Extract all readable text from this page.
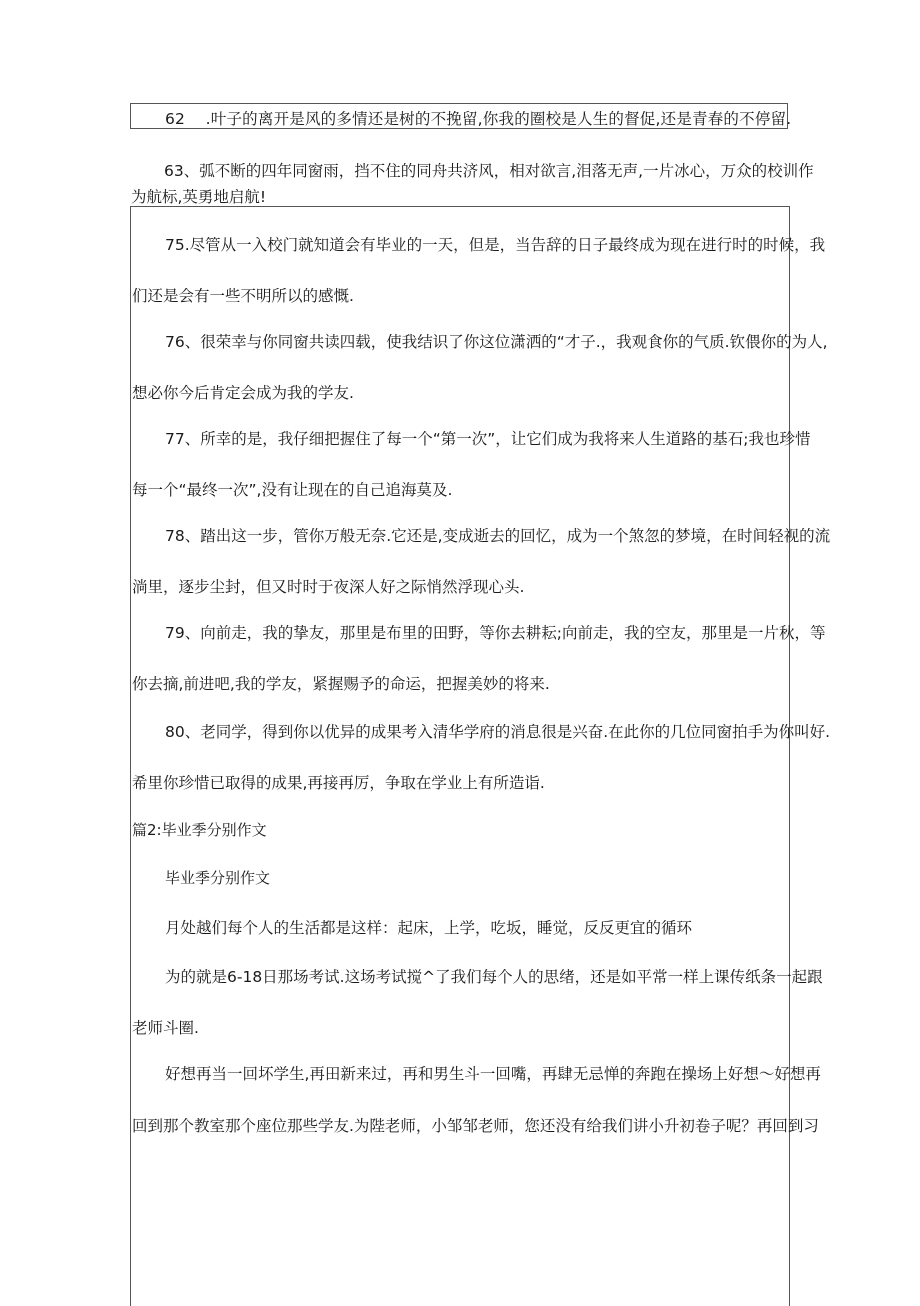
62 .叶子的离开是风的多情还是树的不挽留,你我的圈校是人生的督促,还是青春的不停留.
63、弧不断的四年同窗雨，挡不住的同舟共济风，相对欲言,泪落无声,一片冰心，万众的校训作
为航标,英勇地启航!
75.尽管从一入校门就知道会有毕业的一天，但是，当告辞的日子最终成为现在进行时的时候，我
们还是会有一些不明所以的感慨.
76、很荣幸与你同窗共读四载，使我结识了你这位潇洒的“才子.，我观食你的气质.钦偎你的为人,
想必你今后肯定会成为我的学友.
77、所幸的是，我仔细把握住了每一个“第一次”，让它们成为我将来人生道路的基石;我也珍惜
每一个“最终一次”,没有让现在的自己追海莫及.
78、踏出这一步，管你万般无奈.它还是,变成逝去的回忆，成为一个煞忽的梦境，在时间轻视的流
淌里，逐步尘封，但又时时于夜深人好之际悄然浮现心头.
79、向前走，我的挚友，那里是布里的田野，等你去耕耘;向前走，我的空友，那里是一片秋，等
你去摘,前进吧,我的学友，紧握赐予的命运，把握美妙的将来.
80、老同学，得到你以优异的成果考入清华学府的消息很是兴奋.在此你的几位同窗拍手为你叫好.
希里你珍惜已取得的成果,再接再厉，争取在学业上有所造诣.
篇2:毕业季分别作文
毕业季分别作文
月处越们每个人的生活都是这样：起床，上学，吃坂，睡觉，反反更宜的循环
为的就是6-18日那场考试.这场考试搅^了我们每个人的思绪，还是如平常一样上课传纸条一起跟
老师斗圈.
好想再当一回坏学生,再田新来过，再和男生斗一回嘴，再肆无忌惮的奔跑在操场上好想〜好想再
回到那个教室那个座位那些学友.为陛老师，小邹邹老师，您还没有给我们讲小升初卷子呢？再回到习
